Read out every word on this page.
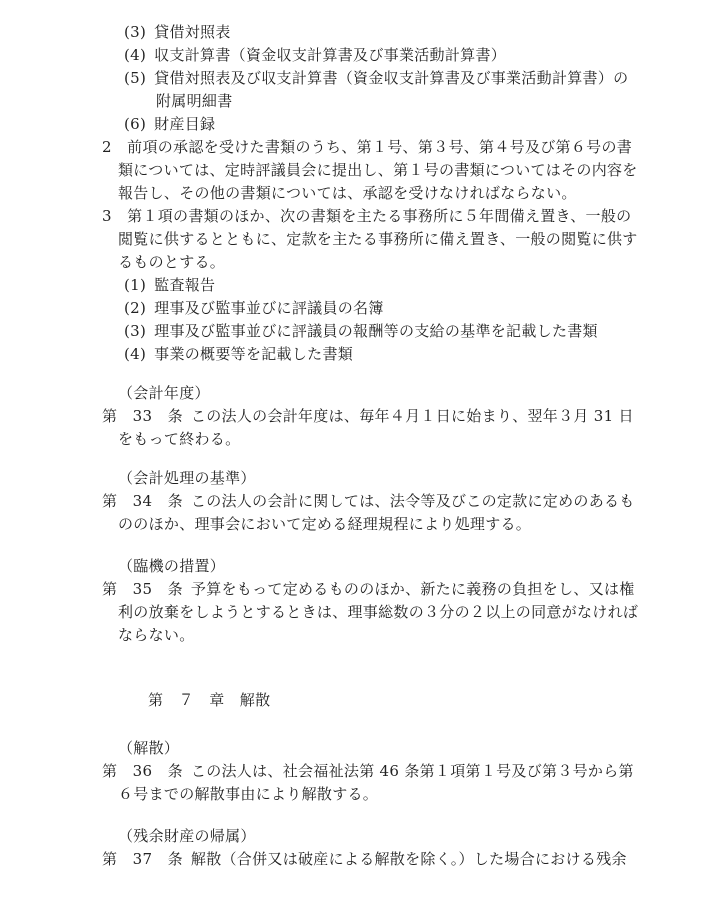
(3) 貸借対照表
(4) 収支計算書（資金収支計算書及び事業活動計算書）
(5) 貸借対照表及び収支計算書（資金収支計算書及び事業活動計算書）の
附属明細書
(6) 財産目録
2　前項の承認を受けた書類のうち、第１号、第３号、第４号及び第６号の書
類については、定時評議員会に提出し、第１号の書類についてはその内容を
報告し、その他の書類については、承認を受けなければならない。
3　第１項の書類のほか、次の書類を主たる事務所に５年間備え置き、一般の
閲覧に供するとともに、定款を主たる事務所に備え置き、一般の閲覧に供す
るものとする。
(1) 監査報告
(2) 理事及び監事並びに評議員の名簿
(3) 理事及び監事並びに評議員の報酬等の支給の基準を記載した書類
(4) 事業の概要等を記載した書類
（会計年度）
第　33　条 この法人の会計年度は、毎年４月１日に始まり、翌年３月 31 日
をもって終わる。
（会計処理の基準）
第　34　条 この法人の会計に関しては、法令等及びこの定款に定めのあるも
ののほか、理事会において定める経理規程により処理する。
（臨機の措置）
第　35　条 予算をもって定めるもののほか、新たに義務の負担をし、又は権
利の放棄をしようとするときは、理事総数の３分の２以上の同意がなければ
ならない。
第　７　章　解散
（解散）
第　36　条 この法人は、社会福祉法第 46 条第１項第１号及び第３号から第
６号までの解散事由により解散する。
（残余財産の帰属）
第　37　条 解散（合併又は破産による解散を除く。）した場合における残余
